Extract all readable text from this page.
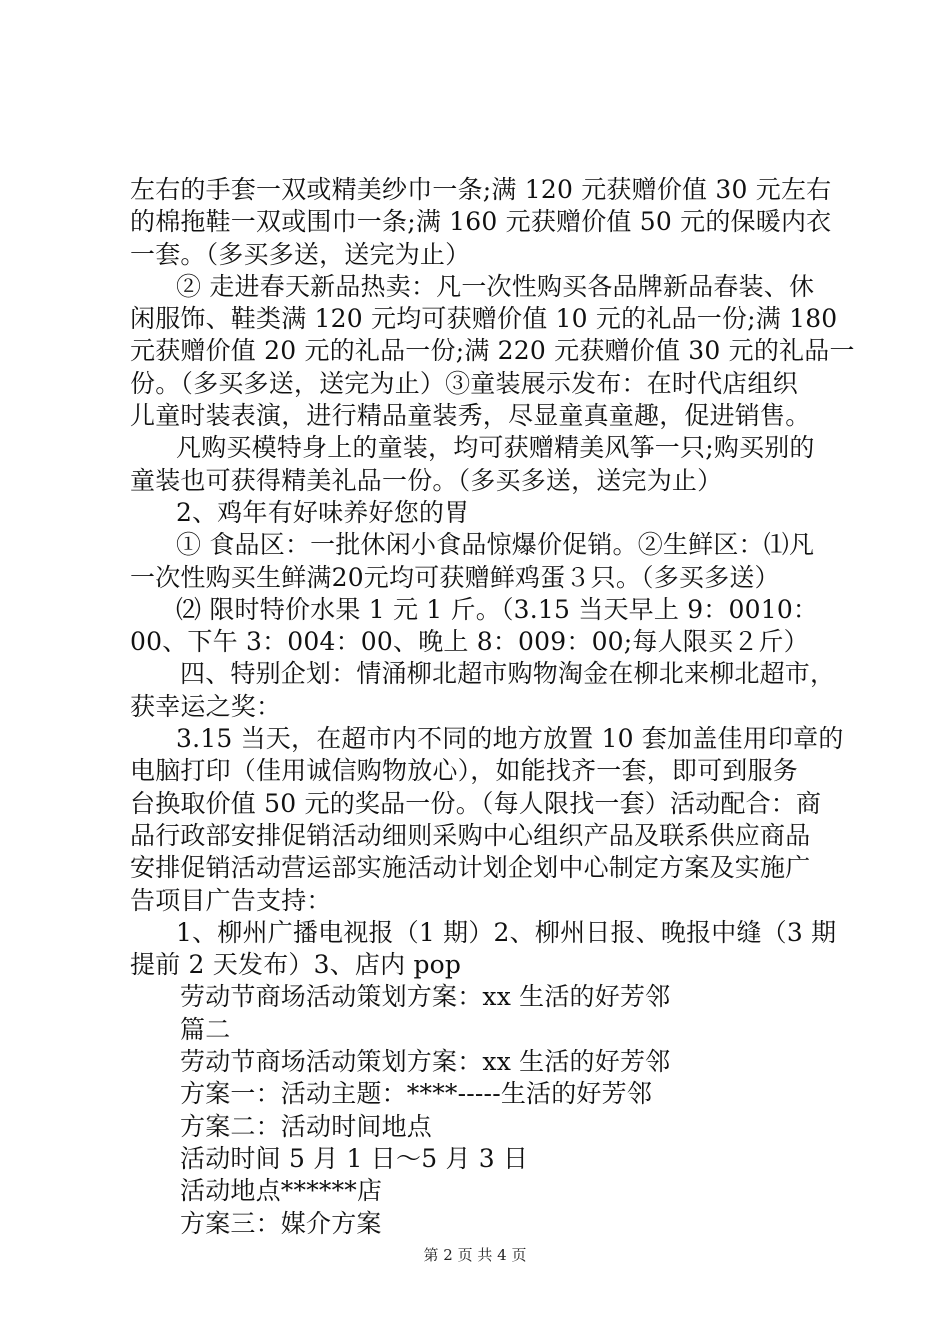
左右的手套一双或精美纱巾一条;满 120 元获赠价值 30 元左右
的棉拖鞋一双或围巾一条;满 160 元获赠价值 50 元的保暖内衣
一套。（多买多送，送完为止）
② 走进春天新品热卖：凡一次性购买各品牌新品春装、休
闲服饰、鞋类满 120 元均可获赠价值 10 元的礼品一份;满 180
元获赠价值 20 元的礼品一份;满 220 元获赠价值 30 元的礼品一
份。（多买多送，送完为止）③童装展示发布：在时代店组织
儿童时装表演，进行精品童装秀，尽显童真童趣，促进销售。
凡购买模特身上的童装，均可获赠精美风筝一只;购买别的
童装也可获得精美礼品一份。（多买多送，送完为止）
2、鸡年有好味养好您的胃
① 食品区：一批休闲小食品惊爆价促销。②生鲜区：⑴凡
一次性购买生鲜满20元均可获赠鲜鸡蛋３只。（多买多送）
⑵ 限时特价水果 1 元 1 斤。（3.15 当天早上 9：0010：
00、下午 3：004：00、晚上 8：009：00;每人限买２斤）
四、特别企划：情涌柳北超市购物淘金在柳北来柳北超市，
获幸运之奖：
3.15 当天，在超市内不同的地方放置 10 套加盖佳用印章的
电脑打印（佳用诚信购物放心），如能找齐一套，即可到服务
台换取价值 50 元的奖品一份。（每人限找一套）活动配合：商
品行政部安排促销活动细则采购中心组织产品及联系供应商品
安排促销活动营运部实施活动计划企划中心制定方案及实施广
告项目广告支持：
1、柳州广播电视报（1 期）2、柳州日报、晚报中缝（3 期
提前 2 天发布）3、店内 pop
劳动节商场活动策划方案：xx 生活的好芳邻
篇二
劳动节商场活动策划方案：xx 生活的好芳邻
方案一：活动主题：****-----生活的好芳邻
方案二：活动时间地点
活动时间 5 月 1 日～5 月 3 日
活动地点******店
方案三：媒介方案
第 2 页 共 4 页
